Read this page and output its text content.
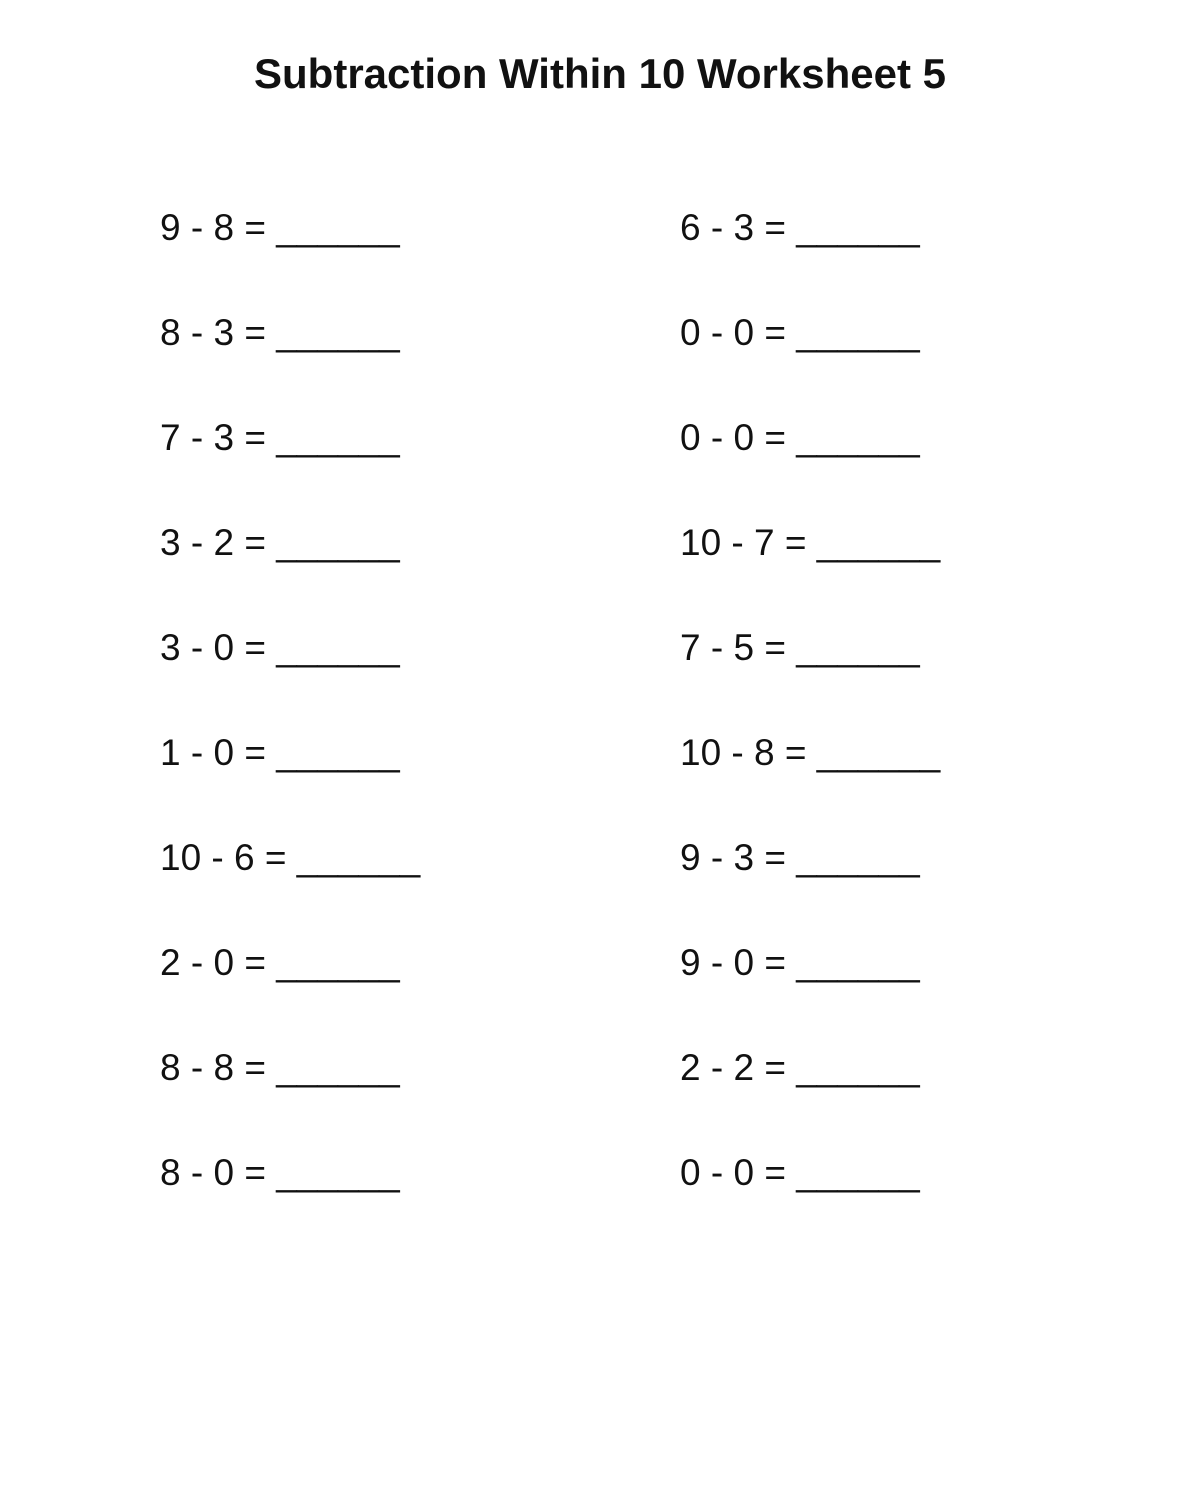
Subtraction Within 10 Worksheet 5
9 - 8 = ______
8 - 3 = ______
7 - 3 = ______
3 - 2 = ______
3 - 0 = ______
1 - 0 = ______
10 - 6 = ______
2 - 0 = ______
8 - 8 = ______
8 - 0 = ______
6 - 3 = ______
0 - 0 = ______
0 - 0 = ______
10 - 7 = ______
7 - 5 = ______
10 - 8 = ______
9 - 3 = ______
9 - 0 = ______
2 - 2 = ______
0 - 0 = ______
